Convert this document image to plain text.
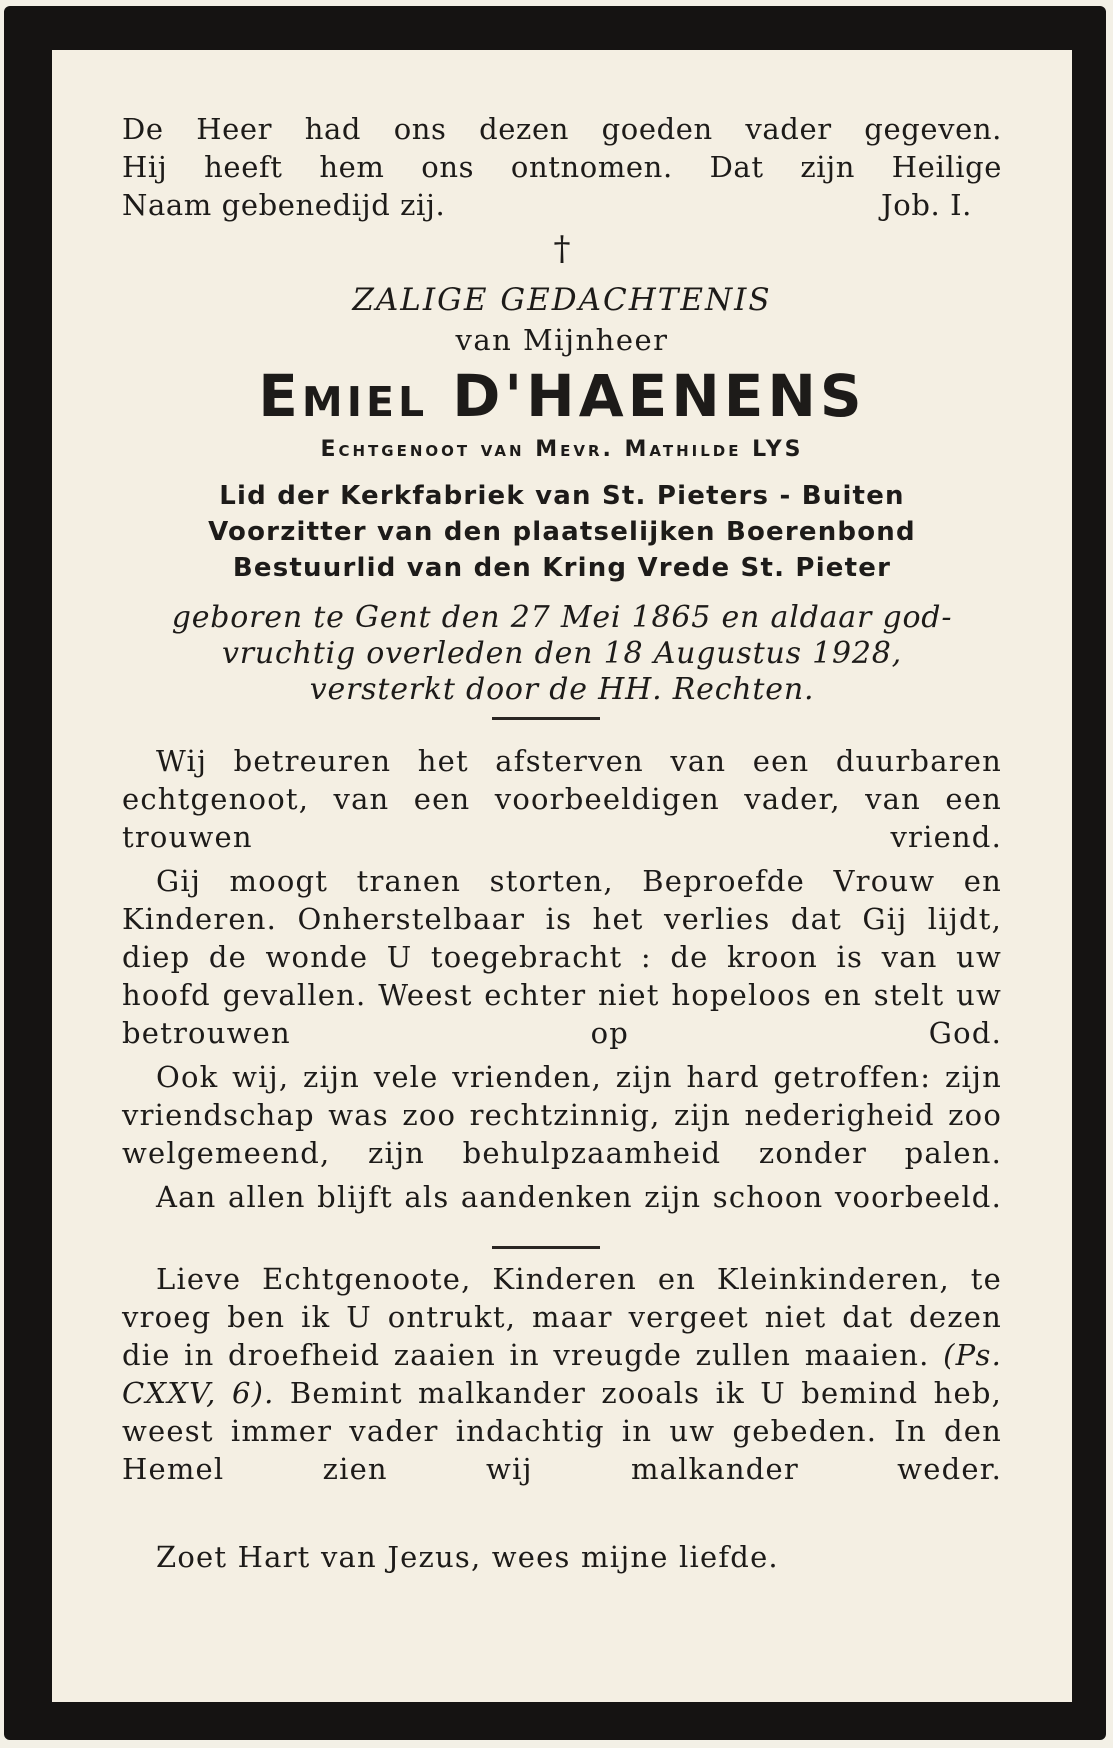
De Heer had ons dezen goeden vader gegeven.
Hij heeft hem ons ontnomen. Dat zijn Heilige
Naam gebenedijd zij.	Job. I.
†
ZALIGE GEDACHTENIS
van Mijnheer
Emiel D'HAENENS
Echtgenoot van Mevr. Mathilde LYS
Lid der Kerkfabriek van St. Pieters - Buiten
Voorzitter van den plaatselijken Boerenbond
Bestuurlid van den Kring Vrede St. Pieter
geboren te Gent den 27 Mei 1865 en aldaar god-
vruchtig overleden den 18 Augustus 1928,
versterkt door de HH. Rechten.

Wij betreuren het afsterven van een duurbaren echtgenoot, van een voorbeeldigen vader, van een trouwen vriend.

Gij moogt tranen storten, Beproefde Vrouw en Kinderen. Onherstelbaar is het verlies dat Gij lijdt, diep de wonde U toegebracht : de kroon is van uw hoofd gevallen. Weest echter niet hopeloos en stelt uw betrouwen op God.

Ook wij, zijn vele vrienden, zijn hard getroffen: zijn vriendschap was zoo rechtzinnig, zijn nederigheid zoo welgemeend, zijn behulpzaamheid zonder palen.

Aan allen blijft als aandenken zijn schoon voorbeeld.

Lieve Echtgenoote, Kinderen en Kleinkinderen, te vroeg ben ik U ontrukt, maar vergeet niet dat dezen die in droefheid zaaien in vreugde zullen maaien. (Ps. CXXV, 6). Bemint malkander zooals ik U bemind heb, weest immer vader indachtig in uw gebeden. In den Hemel zien wij malkander weder.

Zoet Hart van Jezus, wees mijne liefde.
